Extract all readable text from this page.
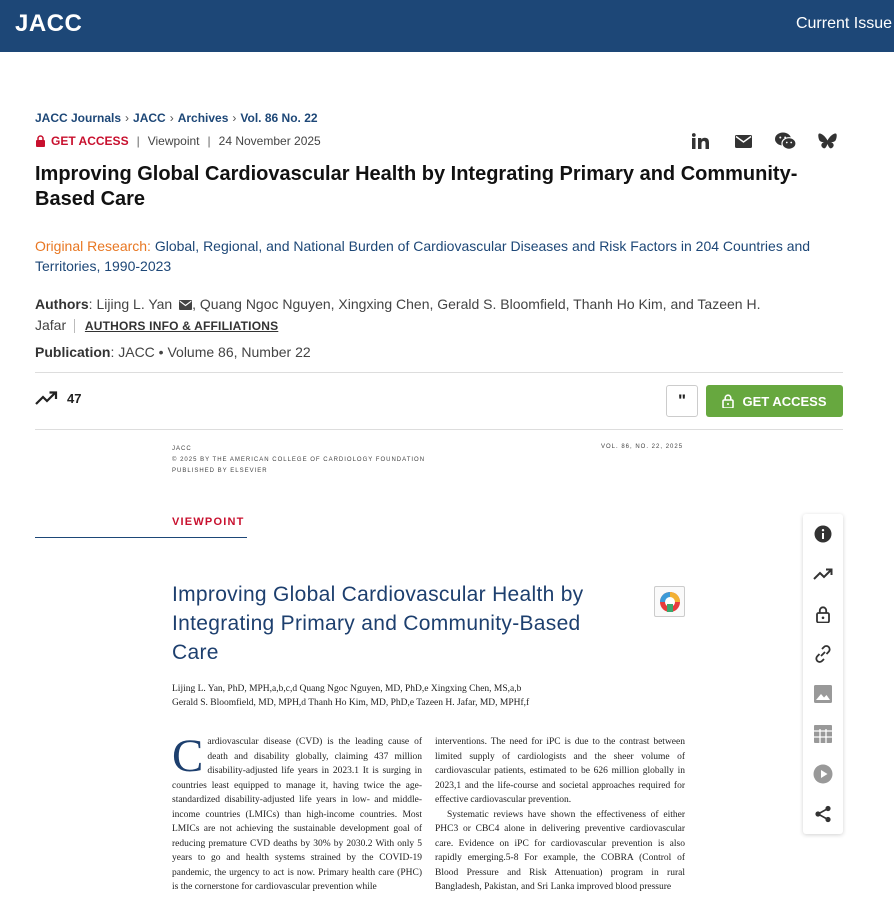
JACC	Current Issue
JACC Journals › JACC › Archives › Vol. 86 No. 22
GET ACCESS | Viewpoint | 24 November 2025
Improving Global Cardiovascular Health by Integrating Primary and Community-Based Care
Original Research: Global, Regional, and National Burden of Cardiovascular Diseases and Risk Factors in 204 Countries and Territories, 1990-2023
Authors: Lijing L. Yan , Quang Ngoc Nguyen, Xingxing Chen, Gerald S. Bloomfield, Thanh Ho Kim, and Tazeen H. Jafar AUTHORS INFO & AFFILIATIONS
Publication: JACC • Volume 86, Number 22
47	"	GET ACCESS
JACC
© 2025 BY THE AMERICAN COLLEGE OF CARDIOLOGY FOUNDATION
PUBLISHED BY ELSEVIER
VOL. 86, NO. 22, 2025
VIEWPOINT
Improving Global Cardiovascular Health by Integrating Primary and Community-Based Care
Lijing L. Yan, PhD, MPH,a,b,c,d Quang Ngoc Nguyen, MD, PhD,e Xingxing Chen, MS,a,b
Gerald S. Bloomfield, MD, MPH,d Thanh Ho Kim, MD, PhD,e Tazeen H. Jafar, MD, MPHf,f
C ardiovascular disease (CVD) is the leading cause of death and disability globally, claiming 437 million disability-adjusted life years in 2023.1 It is surging in countries least equipped to manage it, having twice the age-standardized disability-adjusted life years in low- and middle-income countries (LMICs) than high-income countries. Most LMICs are not achieving the sustainable development goal of reducing premature CVD deaths by 30% by 2030.2 With only 5 years to go and health systems strained by the COVID-19 pandemic, the urgency to act is now. Primary health care (PHC) is the cornerstone for cardiovascular prevention while

interventions. The need for iPC is due to the contrast between limited supply of cardiologists and the sheer volume of cardiovascular patients, estimated to be 626 million globally in 2023,1 and the life-course and societal approaches required for effective cardiovascular prevention.

Systematic reviews have shown the effectiveness of either PHC3 or CBC4 alone in delivering preventive cardiovascular care. Evidence on iPC for cardiovascular prevention is also rapidly emerging.5-8 For example, the COBRA (Control of Blood Pressure and Risk Attenuation) program in rural Bangladesh, Pakistan, and Sri Lanka improved blood pressure
